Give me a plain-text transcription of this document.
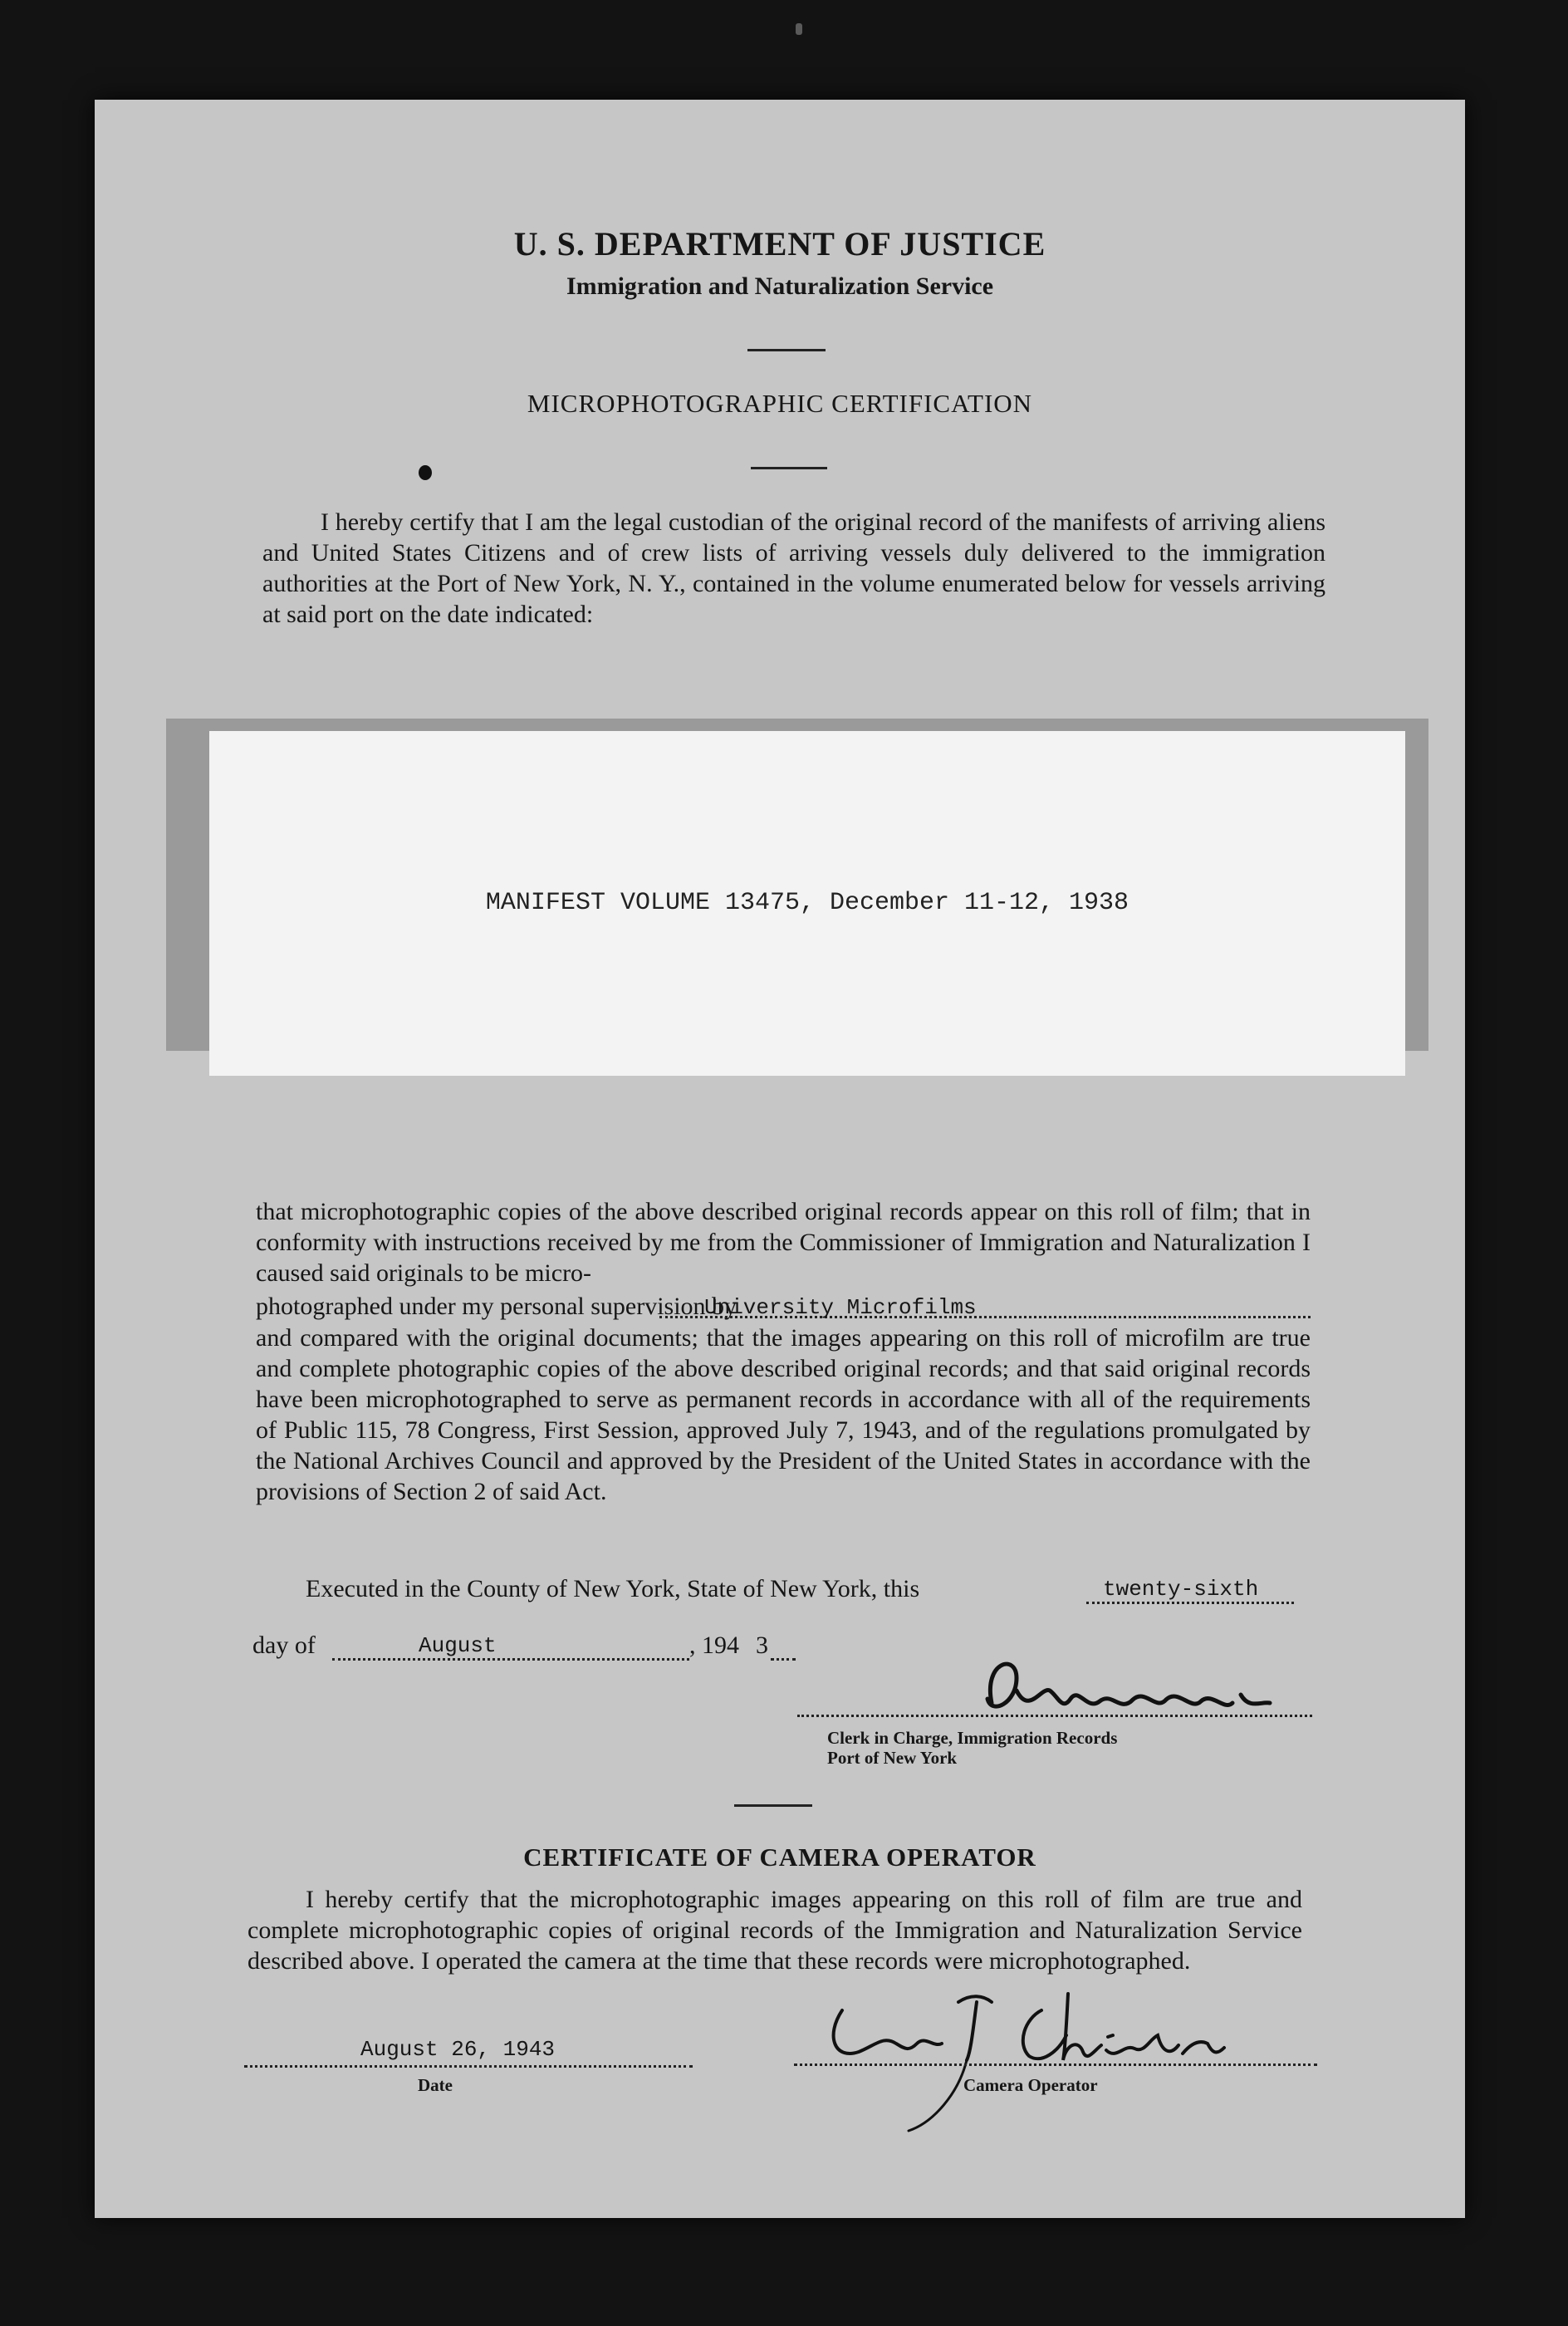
U. S. DEPARTMENT OF JUSTICE
Immigration and Naturalization Service
MICROPHOTOGRAPHIC CERTIFICATION
I hereby certify that I am the legal custodian of the original record of the manifests of arriving aliens and United States Citizens and of crew lists of arriving vessels duly delivered to the immigration authorities at the Port of New York, N. Y., contained in the volume enumerated below for vessels arriving at said port on the date indicated:
MANIFEST VOLUME 13475, December 11-12, 1938
that microphotographic copies of the above described original records appear on this roll of film; that in conformity with instructions received by me from the Commissioner of Immigration and Naturalization I caused said originals to be micro-
photographed under my personal supervision by
University Microfilms
and compared with the original documents; that the images appearing on this roll of microfilm are true and complete photographic copies of the above described original records; and that said original records have been microphotographed to serve as permanent records in accordance with all of the requirements of Public 115, 78 Congress, First Session, approved July 7, 1943, and of the regulations promulgated by the National Archives Council and approved by the President of the United States in accordance with the provisions of Section 2 of said Act.
Executed in the County of New York, State of New York, this	twenty-sixth
day of	August	, 194 3
Clerk in Charge, Immigration Records
Port of New York
CERTIFICATE OF CAMERA OPERATOR
I hereby certify that the microphotographic images appearing on this roll of film are true and complete microphotographic copies of original records of the Immigration and Naturalization Service described above. I operated the camera at the time that these records were microphotographed.
August 26, 1943
Date	Camera Operator
